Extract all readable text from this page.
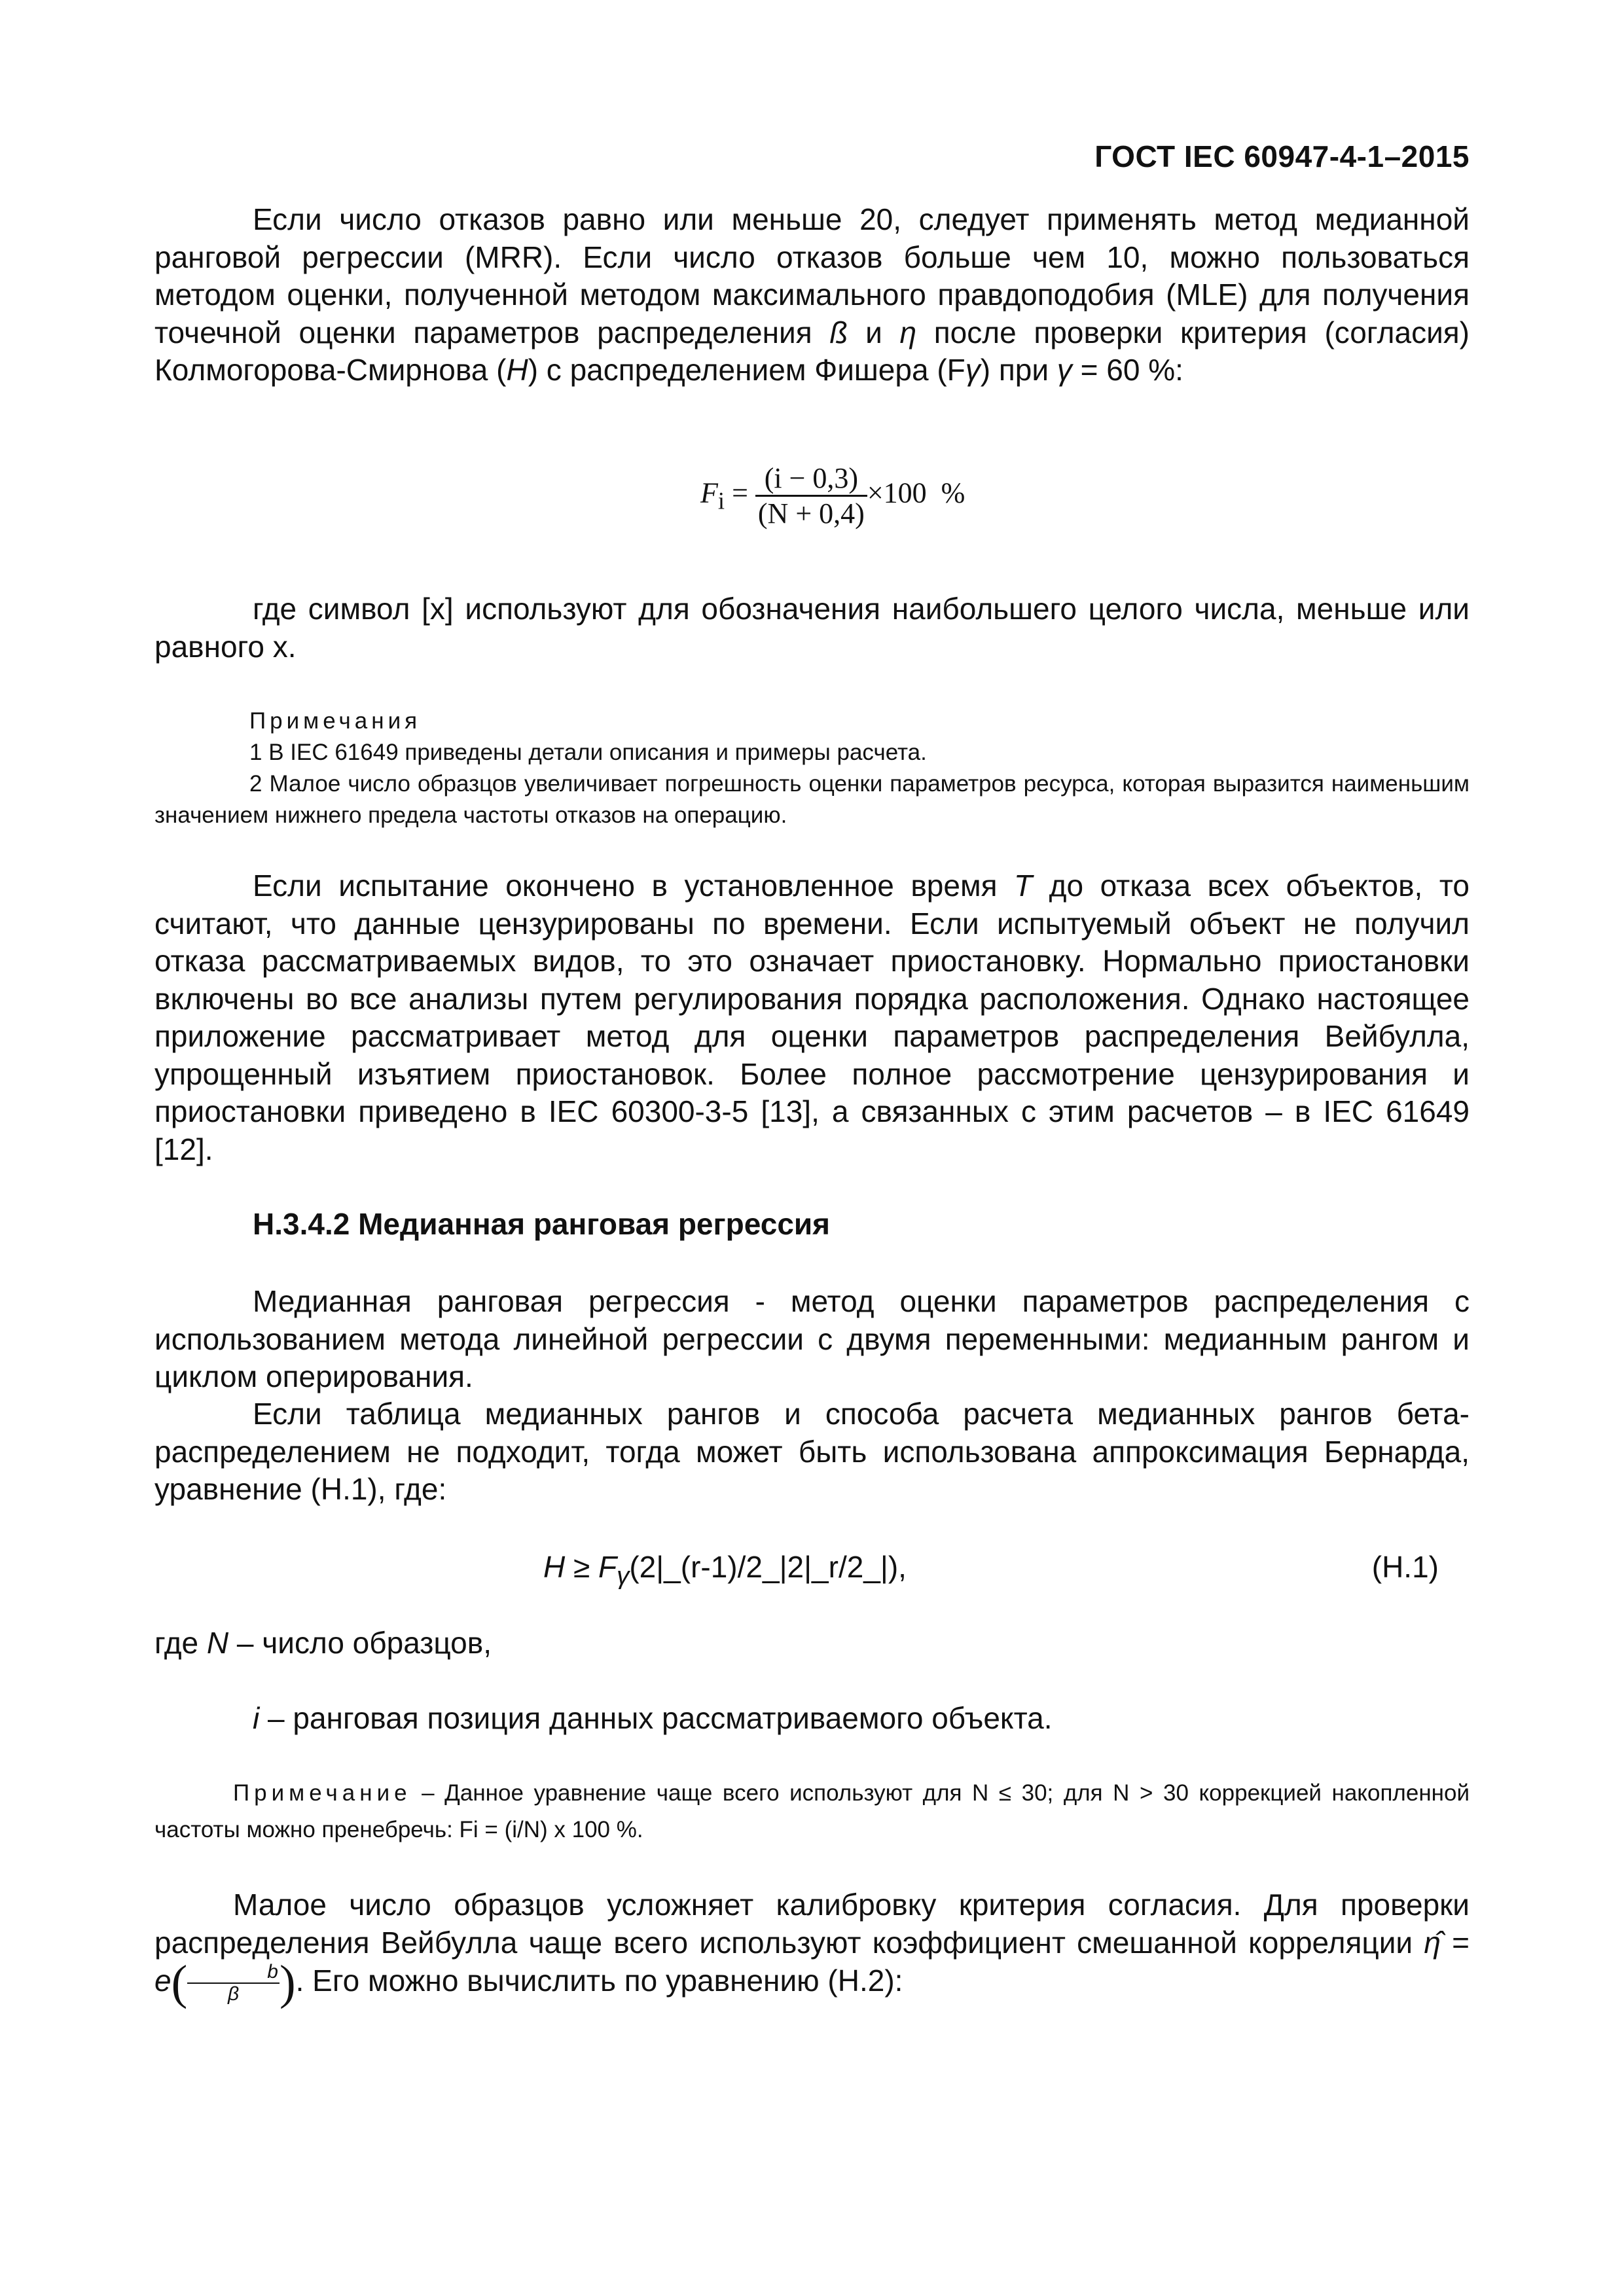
ГОСТ IEC 60947-4-1–2015

Если число отказов равно или меньше 20, следует применять метод медианной ранговой регрессии (MRR). Если число отказов больше чем 10, можно пользоваться методом оценки, полученной методом максимального правдоподобия (MLE) для получения точечной оценки параметров распределения ß и η после проверки критерия (согласия) Колмогорова-Смирнова (H) с распределением Фишера (Fγ) при γ = 60 %:

$F_i = \frac{(i - 0,3)}{(N + 0,4)} \times 100$ %

где символ [x] используют для обозначения наибольшего целого числа, меньше или равного x.

Примечания
1 В IEC 61649 приведены детали описания и примеры расчета.
2 Малое число образцов увеличивает погрешность оценки параметров ресурса, которая выразится наименьшим значением нижнего предела частоты отказов на операцию.

Если испытание окончено в установленное время T до отказа всех объектов, то считают, что данные цензурированы по времени. Если испытуемый объект не получил отказа рассматриваемых видов, то это означает приостановку. Нормально приостановки включены во все анализы путем регулирования порядка расположения. Однако настоящее приложение рассматривает метод для оценки параметров распределения Вейбулла, упрощенный изъятием приостановок. Более полное рассмотрение цензурирования и приостановки приведено в IEC 60300-3-5 [13], а связанных с этим расчетов – в IEC 61649 [12].

Н.3.4.2 Медианная ранговая регрессия

Медианная ранговая регрессия - метод оценки параметров распределения с использованием метода линейной регрессии с двумя переменными: медианным рангом и циклом оперирования.

Если таблица медианных рангов и способа расчета медианных рангов бета-распределением не подходит, тогда может быть использована аппроксимация Бернарда, уравнение (Н.1), где:

$H \ge F_\gamma(2|\_(r-1)/2\_|2|\_r/2\_|)$,	(Н.1)

где N – число образцов,

i – ранговая позиция данных рассматриваемого объекта.

Примечание – Данное уравнение чаще всего используют для N ≤ 30; для N > 30 коррекцией накопленной частоты можно пренебречь: Fi = (i/N) x 100 %.

Малое число образцов усложняет калибровку критерия согласия. Для проверки распределения Вейбулла чаще всего используют коэффициент смешанной корреляции η̂ = $e( \frac{b}{\beta})$. Его можно вычислить по уравнению (Н.2):
